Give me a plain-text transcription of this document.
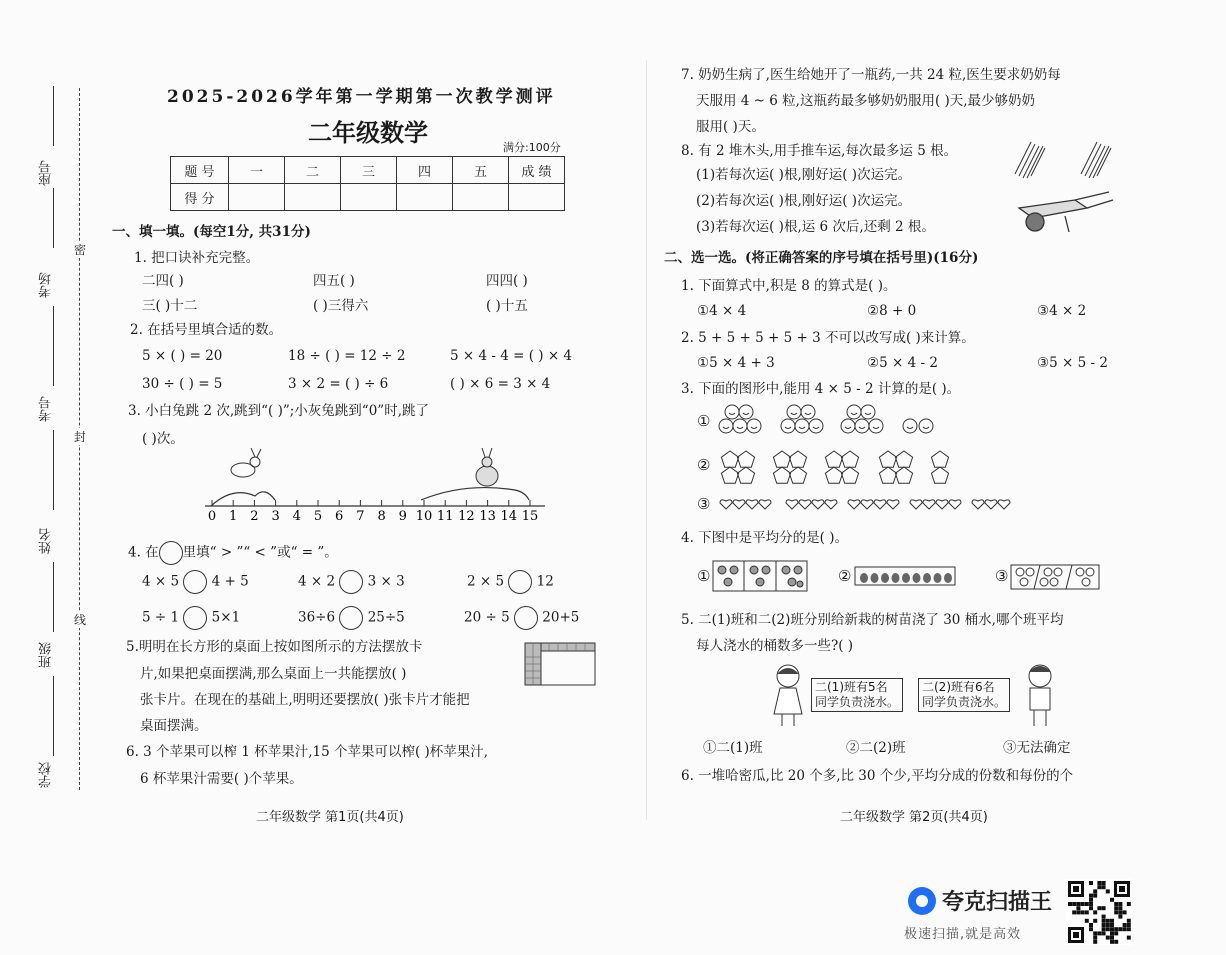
座号
考场
考号
姓名
班级
学校
密
封
线
2025-2026学年第一学期第一次教学测评
二年级数学
满分:100分
题 号	一	二	三	四	五	成 绩
得 分						
一、填一填。(每空1分, 共31分)
1. 把口诀补充完整。
二四( )	四五( )	四四( )
三( )十二	( )三得六	( )十五
2. 在括号里填合适的数。
5 × ( ) = 20	18 ÷ ( ) = 12 ÷ 2	5 × 4 - 4 = ( ) × 4
30 ÷ ( ) = 5	3 × 2 = ( ) ÷ 6	( ) × 6 = 3 × 4
3. 小白兔跳 2 次,跳到“( )”;小灰兔跳到“0”时,跳了
( )次。
0 1 2 3 4 5 6 7 8 9 10 11 12 13 14 15
4. 在 里填“ > ”“ < ”或“ = ”。
4 × 5 4 + 5	4 × 2 3 × 3	2 × 5 12
5 ÷ 1 5×1	36÷6 25÷5	20 ÷ 5 20+5
5.明明在长方形的桌面上按如图所示的方法摆放卡
片,如果把桌面摆满,那么桌面上一共能摆放( )
张卡片。在现在的基础上,明明还要摆放( )张卡片才能把
桌面摆满。
6. 3 个苹果可以榨 1 杯苹果汁,15 个苹果可以榨( )杯苹果汁,
6 杯苹果汁需要( )个苹果。
二年级数学 第1页(共4页)
7. 奶奶生病了,医生给她开了一瓶药,一共 24 粒,医生要求奶奶每
天服用 4 ~ 6 粒,这瓶药最多够奶奶服用( )天,最少够奶奶
服用( )天。
8. 有 2 堆木头,用手推车运,每次最多运 5 根。
(1)若每次运( )根,刚好运( )次运完。
(2)若每次运( )根,刚好运( )次运完。
(3)若每次运( )根,运 6 次后,还剩 2 根。
二、选一选。(将正确答案的序号填在括号里)(16分)
1. 下面算式中,积是 8 的算式是( )。
①4 × 4	②8 + 0	③4 × 2
2. 5 + 5 + 5 + 5 + 3 不可以改写成( )来计算。
①5 × 4 + 3	②5 × 4 - 2	③5 × 5 - 2
3. 下面的图形中,能用 4 × 5 - 2 计算的是( )。
①
②
③
4. 下图中是平均分的是( )。
①	②	③
5. 二(1)班和二(2)班分别给新栽的树苗浇了 30 桶水,哪个班平均
每人浇水的桶数多一些?( )
二(1)班有5名
同学负责浇水。
二(2)班有6名
同学负责浇水。
①二(1)班	②二(2)班	③无法确定
6. 一堆哈密瓜,比 20 个多,比 30 个少,平均分成的份数和每份的个
二年级数学 第2页(共4页)
夸克扫描王
极速扫描,就是高效
